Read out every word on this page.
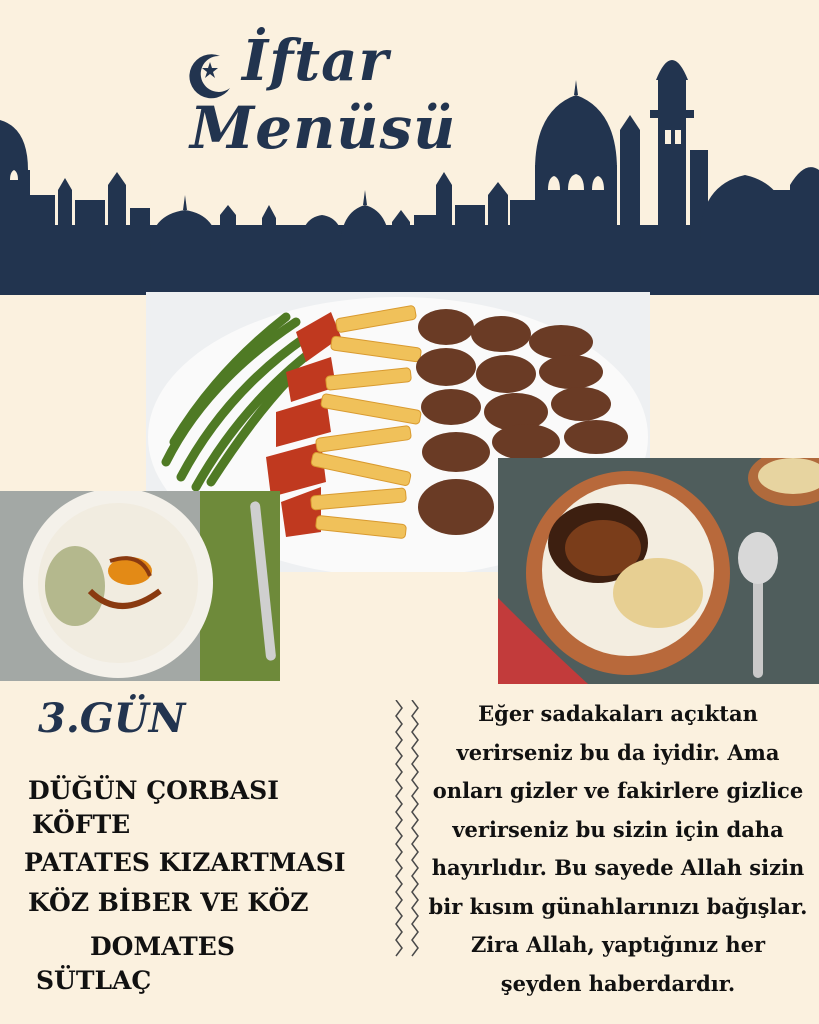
İftar
Menüsü
3.GÜN
DÜĞÜN ÇORBASI
KÖFTE
PATATES KIZARTMASI
KÖZ BİBER VE KÖZ
DOMATES
SÜTLAÇ
Eğer sadakaları açıktan verirseniz bu da iyidir. Ama onları gizler ve fakirlere gizlice verirseniz bu sizin için daha hayırlıdır. Bu sayede Allah sizin bir kısım günahlarınızı bağışlar. Zira Allah, yaptığınız her şeyden haberdardır.
